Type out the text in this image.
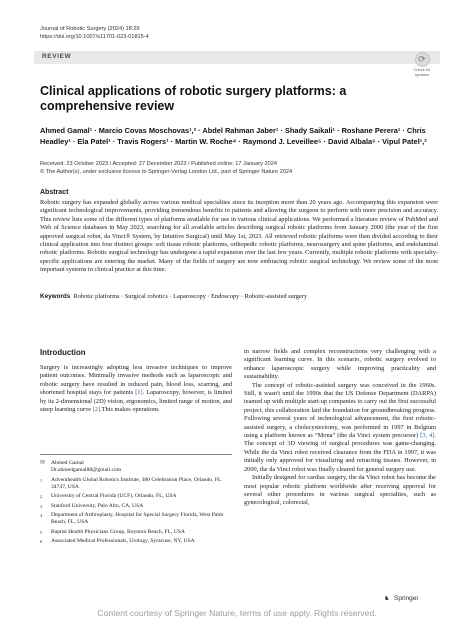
Journal of Robotic Surgery (2024) 18:29
https://doi.org/10.1007/s11701-023-01815-4
REVIEW	⟳
Check for updates
Clinical applications of robotic surgery platforms: a comprehensive review
Ahmed Gamal¹ · Marcio Covas Moschovas¹,² · Abdel Rahman Jaber¹ · Shady Saikali¹ · Roshane Perera¹ · Chris Headley¹ · Ela Patel¹ · Travis Rogers¹ · Martin W. Roche⁴ · Raymond J. Leveillee⁵ · David Albala⁶ · Vipul Patel¹,²
Received: 23 October 2023 / Accepted: 27 December 2023 / Published online: 17 January 2024
© The Author(s), under exclusive licence to Springer-Verlag London Ltd., part of Springer Nature 2024
Abstract
Robotic surgery has expanded globally across various medical specialties since its inception more than 20 years ago. Accompanying this expansion were significant technological improvements, providing tremendous benefits to patients and allowing the surgeon to perform with more precision and accuracy. This review lists some of the different types of platforms available for use in various clinical applications. We performed a literature review of PubMed and Web of Science databases in May 2023, searching for all available articles describing surgical robotic platforms from January 2000 (the year of the first approved surgical robot, da Vinci® System, by Intuitive Surgical) until May 1st, 2023. All retrieved robotic platforms were then divided according to their clinical application into four distinct groups: soft tissue robotic platforms, orthopedic robotic platforms, neurosurgery and spine platforms, and endoluminal robotic platforms. Robotic surgical technology has undergone a rapid expansion over the last few years. Currently, multiple robotic platforms with specialty-specific applications are entering the market. Many of the fields of surgery are now embracing robotic surgical technology. We review some of the most important systems in clinical practice at this time.
Keywords Robotic platforms · Surgical robotics · Laparoscopy · Endoscopy · Robotic-assisted surgery
Introduction

Surgery is increasingly adopting less invasive techniques to improve patient outcomes. Minimally invasive methods such as laparoscopic and robotic surgery have resulted in reduced pain, blood loss, scarring, and shortened hospital stays for patients [1]. Laparoscopy, however, is limited by its 2-dimensional (2D) vision, ergonomics, limited range of motion, and steep learning curve [2].This makes operations

✉	Ahmed Gamal
Dr.ahmedgamal88@gmail.com
1	Adventhealth Global Robotics Institute, 380 Celebration Place, Orlando, FL 34747, USA
2	University of Central Florida (UCF), Orlando, FL, USA
3	Stanford University, Palo Alto, CA, USA
4	Department of Arthroplasty, Hospital for Special Surgery Florida, West Palm Beach, FL, USA
5	Baptist Health Physicians Group, Boynton Beach, FL, USA
6	Associated Medical Professionals, Urology, Syracuse, NY, USA

in narrow fields and complex reconstructions very challenging with a significant learning curve. In this scenario, robotic surgery evolved to enhance laparoscopic surgery while improving practicality and sustainability.

The concept of robotic-assisted surgery was conceived in the 1960s. Still, it wasn't until the 1990s that the US Defense Department (DARPA) teamed up with multiple start-up companies to carry out the first successful project, this collaboration laid the foundation for groundbreaking progress. Following several years of technological advancement, the first robotic-assisted surgery, a cholecystectomy, was performed in 1997 in Belgium using a platform known as “Mona” (the da Vinci system precursor) [3, 4]. The concept of 3D viewing of surgical procedures was game-changing. While the da Vinci robot received clearance from the FDA in 1997, it was initially only approved for visualizing and retracting tissues. However, in 2000, the da Vinci robot was finally cleared for general surgery use.

Initially designed for cardiac surgery, the da Vinci robot has become the most popular robotic platform worldwide after receiving approval for several other procedures in various surgical specialties, such as gynecological, colorectal,

♞ Springer
Content courtesy of Springer Nature, terms of use apply. Rights reserved.
